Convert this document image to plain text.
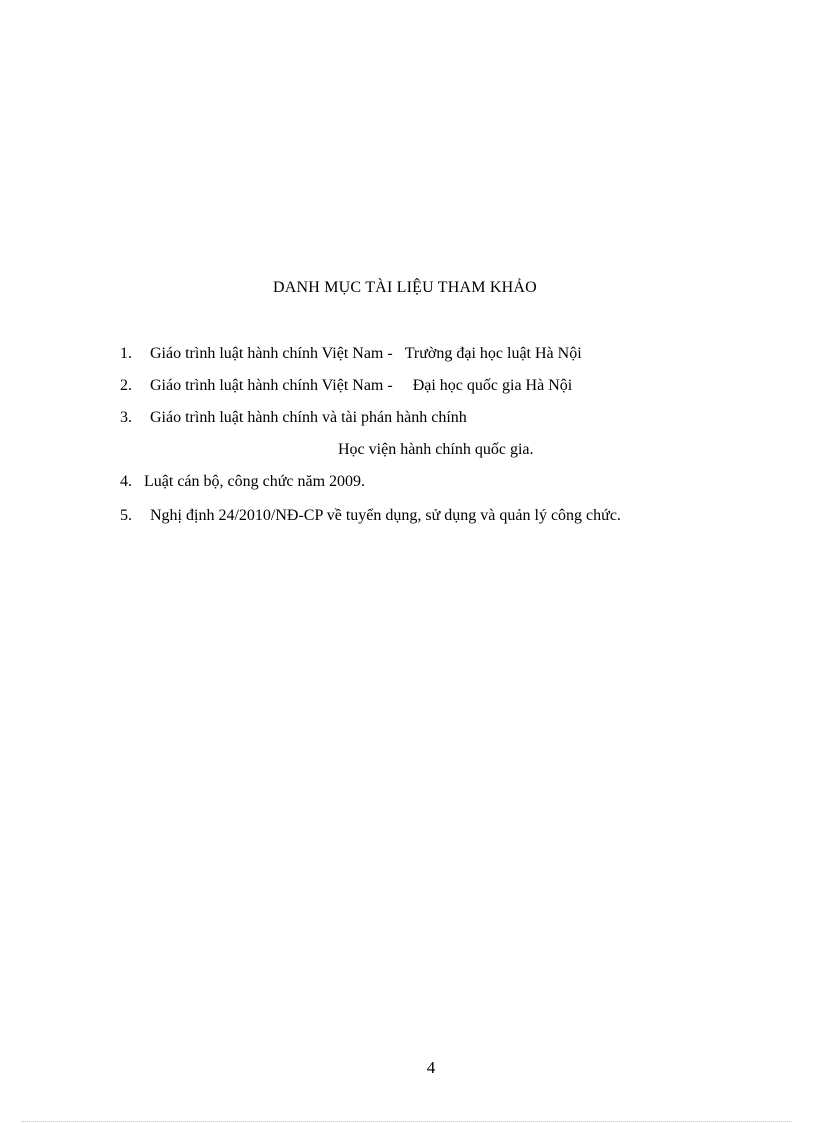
DANH MỤC TÀI LIỆU THAM KHẢO
1. Giáo trình luật hành chính Việt Nam - Trường đại học luật Hà Nội
2. Giáo trình luật hành chính Việt Nam - Đại học quốc gia Hà Nội
3. Giáo trình luật hành chính và tài phán hành chính
Học viện hành chính quốc gia.
4. Luật cán bộ, công chức năm 2009.
5. Nghị định 24/2010/NĐ-CP về tuyển dụng, sử dụng và quản lý công chức.
4
